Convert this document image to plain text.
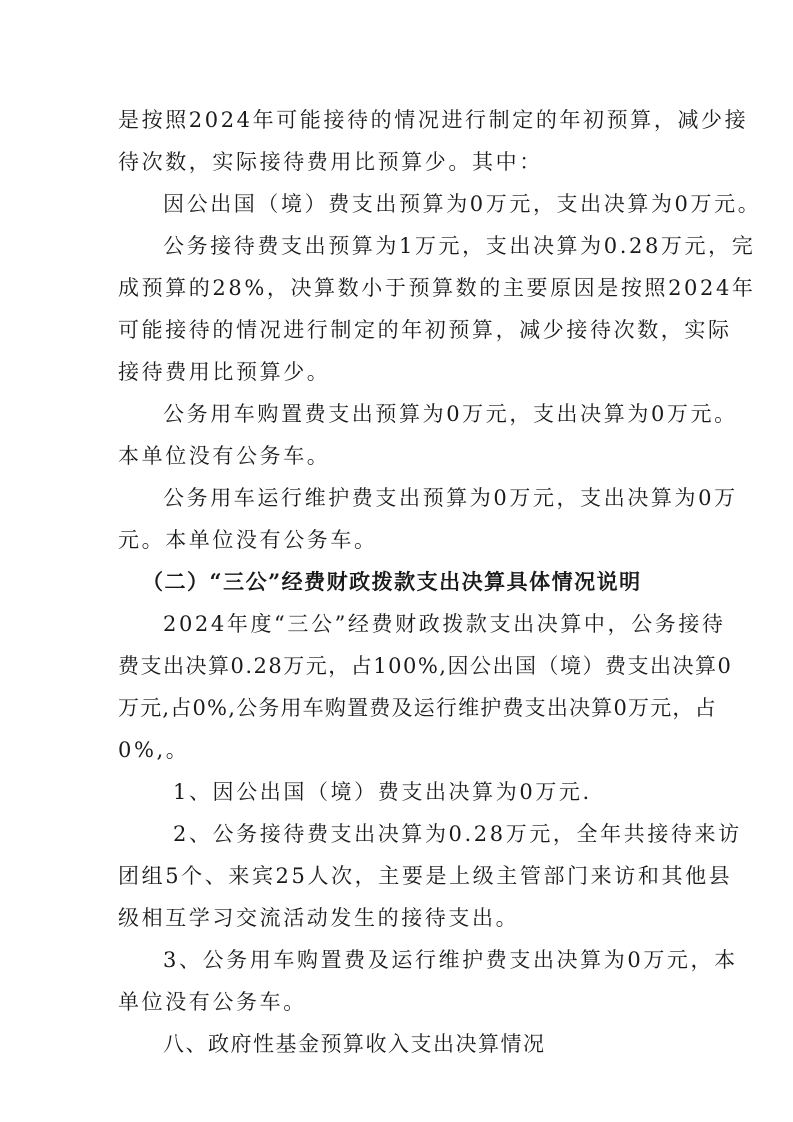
是按照2024年可能接待的情况进行制定的年初预算，减少接
待次数，实际接待费用比预算少。其中：
因公出国（境）费支出预算为0万元，支出决算为0万元。
公务接待费支出预算为1万元，支出决算为0.28万元，完
成预算的28%，决算数小于预算数的主要原因是按照2024年
可能接待的情况进行制定的年初预算，减少接待次数，实际
接待费用比预算少。
公务用车购置费支出预算为0万元，支出决算为0万元。
本单位没有公务车。
公务用车运行维护费支出预算为0万元，支出决算为0万
元。本单位没有公务车。
（二）“三公”经费财政拨款支出决算具体情况说明
2024年度“三公”经费财政拨款支出决算中，公务接待
费支出决算0.28万元，占100%,因公出国（境）费支出决算0
万元,占0%,公务用车购置费及运行维护费支出决算0万元，占
0%,。
1、因公出国（境）费支出决算为0万元.
2、公务接待费支出决算为0.28万元，全年共接待来访
团组5个、来宾25人次，主要是上级主管部门来访和其他县
级相互学习交流活动发生的接待支出。
3、公务用车购置费及运行维护费支出决算为0万元，本
单位没有公务车。
八、政府性基金预算收入支出决算情况
